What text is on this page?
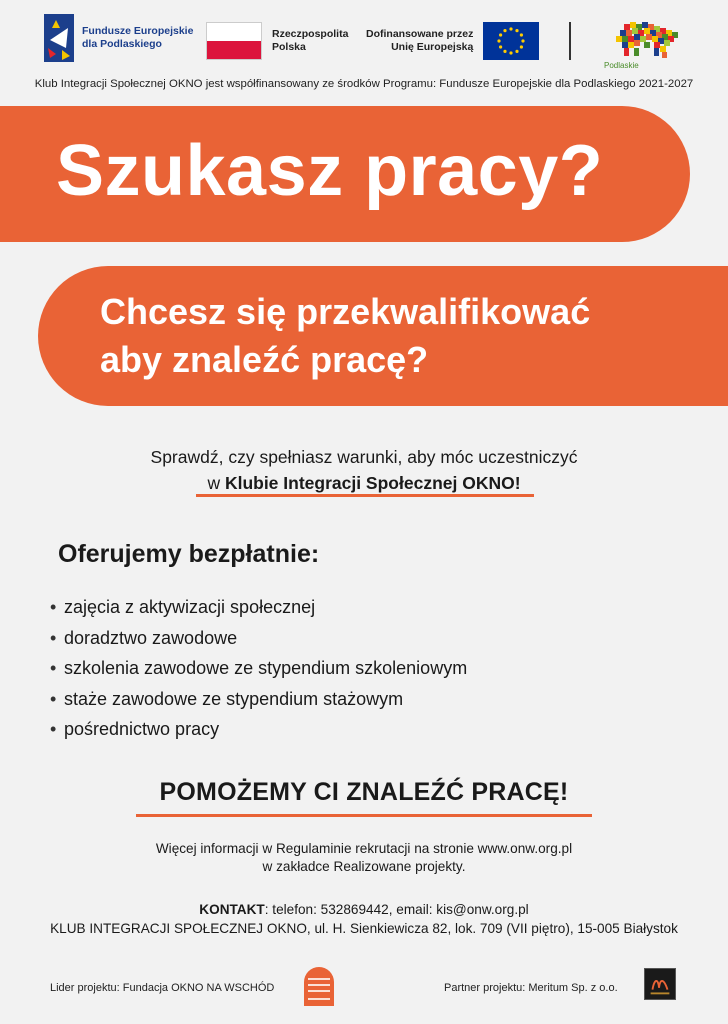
Fundusze Europejskie
dla Podlaskiego
Rzeczpospolita
Polska
Dofinansowane przez
Unię Europejską
Podlaskie
Klub Integracji Społecznej OKNO jest współfinansowany ze środków Programu: Fundusze Europejskie dla Podlaskiego 2021-2027
Szukasz pracy?
Chcesz się przekwalifikować
aby znaleźć pracę?
Sprawdź, czy spełniasz warunki, aby móc uczestniczyć
w Klubie Integracji Społecznej OKNO!
Oferujemy bezpłatnie:
• zajęcia z aktywizacji społecznej
• doradztwo zawodowe
• szkolenia zawodowe ze stypendium szkoleniowym
• staże zawodowe ze stypendium stażowym
• pośrednictwo pracy
POMOŻEMY CI ZNALEŹĆ PRACĘ!
Więcej informacji w Regulaminie rekrutacji na stronie www.onw.org.pl
w zakładce Realizowane projekty.
KONTAKT: telefon: 532869442, email: kis@onw.org.pl
KLUB INTEGRACJI SPOŁECZNEJ OKNO, ul. H. Sienkiewicza 82, lok. 709 (VII piętro), 15-005 Białystok
Lider projektu: Fundacja OKNO NA WSCHÓD	Partner projektu: Meritum Sp. z o.o.
